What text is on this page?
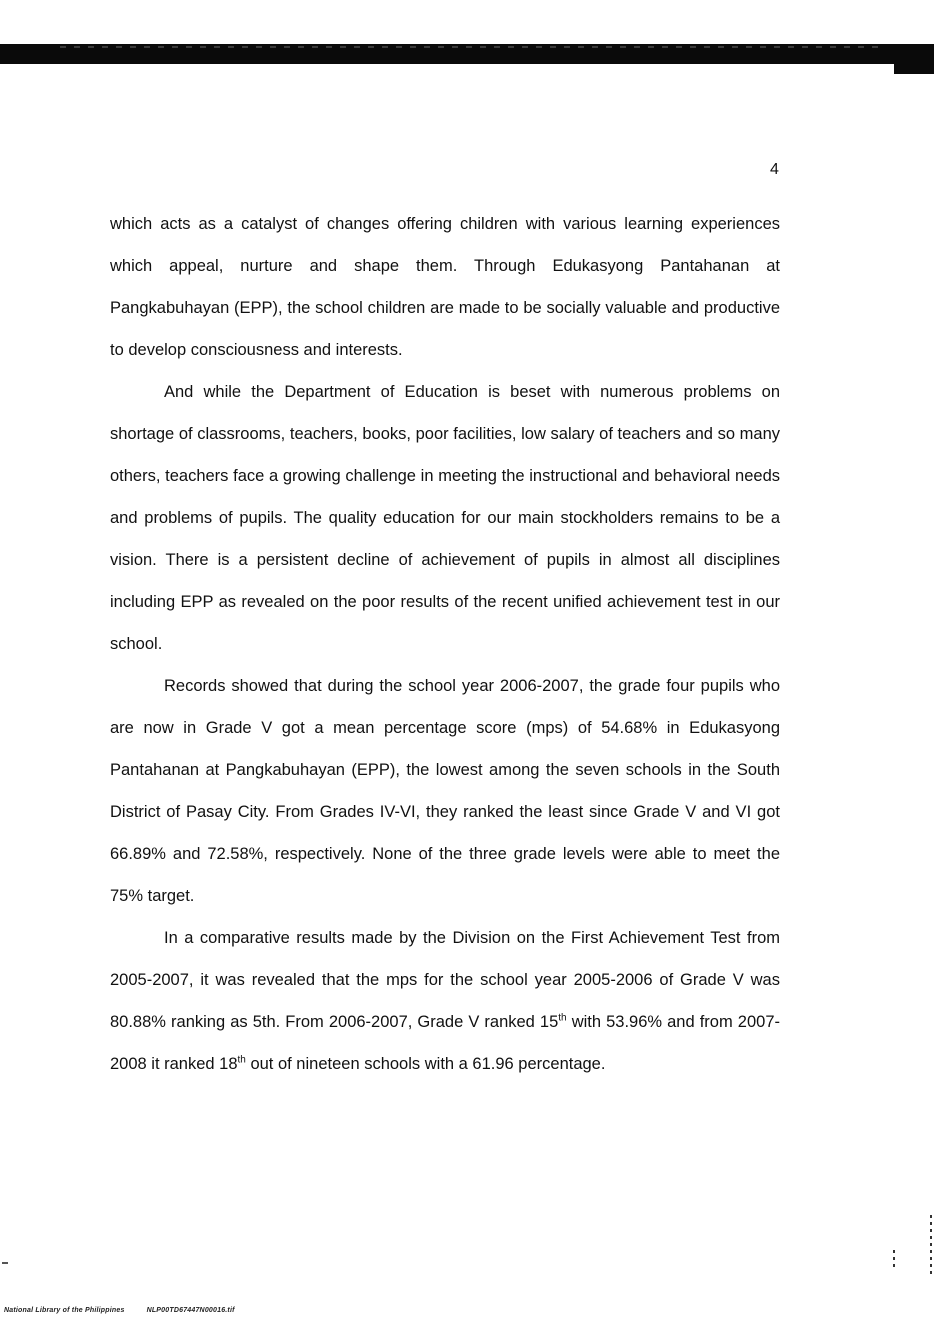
4

which acts as a catalyst of changes offering children with various learning experiences which appeal, nurture and shape them. Through Edukasyong Pantahanan at Pangkabuhayan (EPP), the school children are made to be socially valuable and productive to develop consciousness and interests.

And while the Department of Education is beset with numerous problems on shortage of classrooms, teachers, books, poor facilities, low salary of teachers and so many others, teachers face a growing challenge in meeting the instructional and behavioral needs and problems of pupils. The quality education for our main stockholders remains to be a vision. There is a persistent decline of achievement of pupils in almost all disciplines including EPP as revealed on the poor results of the recent unified achievement test in our school.

Records showed that during the school year 2006-2007, the grade four pupils who are now in Grade V got a mean percentage score (mps) of 54.68% in Edukasyong Pantahanan at Pangkabuhayan (EPP), the lowest among the seven schools in the South District of Pasay City. From Grades IV-VI, they ranked the least since Grade V and VI got 66.89% and 72.58%, respectively. None of the three grade levels were able to meet the 75% target.

In a comparative results made by the Division on the First Achievement Test from 2005-2007, it was revealed that the mps for the school year 2005-2006 of Grade V was 80.88% ranking as 5th. From 2006-2007, Grade V ranked 15th with 53.96% and from 2007-2008 it ranked 18th out of nineteen schools with a 61.96 percentage.

National Library of the Philippines	NLP00TD67447N00016.tif
